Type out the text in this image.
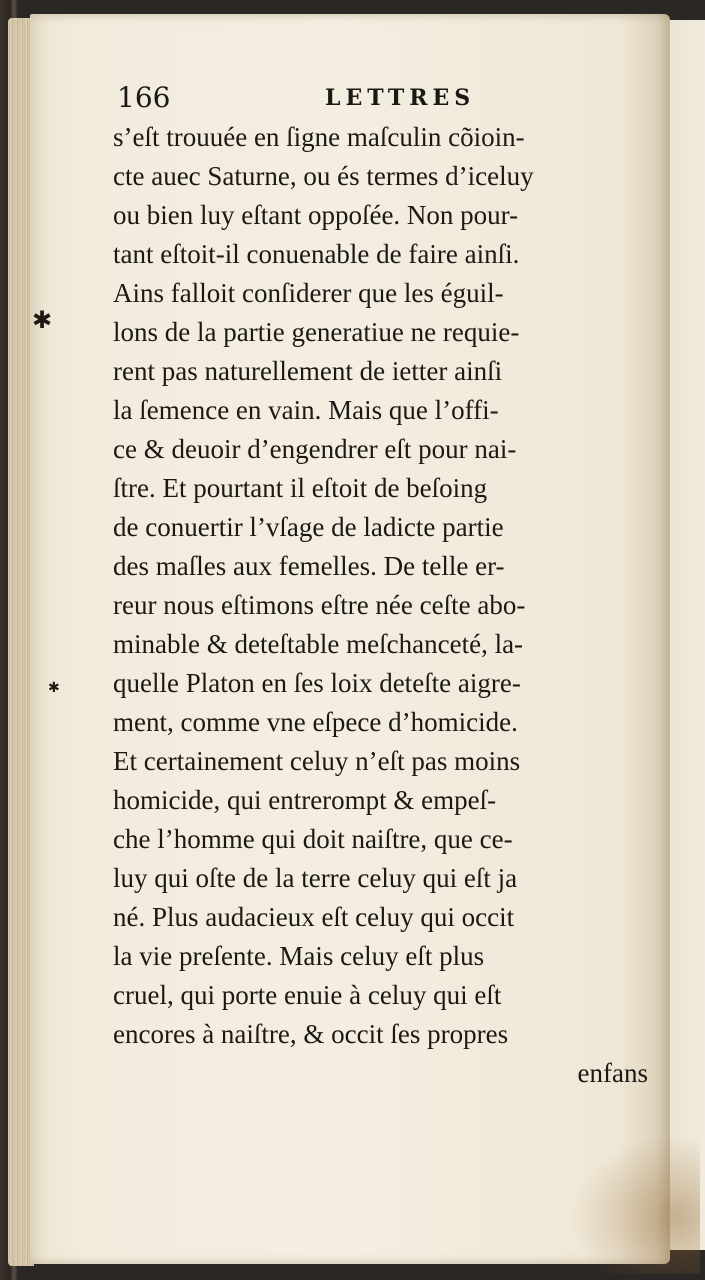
✱
✱
166	LETTRES
s’eſt trouuée en ſigne maſculin cõioin-
cte auec Saturne, ou és termes d’iceluy
ou bien luy eſtant oppoſée. Non pour-
tant eſtoit-il conuenable de faire ainſi.
Ains falloit conſiderer que les éguil-
lons de la partie generatiue ne requie-
rent pas naturellement de ietter ainſi
la ſemence en vain. Mais que l’offi-
ce & deuoir d’engendrer eſt pour nai-
ſtre. Et pourtant il eſtoit de beſoing
de conuertir l’vſage de ladicte partie
des maſles aux femelles. De telle er-
reur nous eſtimons eſtre née ceſte abo-
minable & deteſtable meſchanceté, la-
quelle Platon en ſes loix deteſte aigre-
ment, comme vne eſpece d’homicide.
Et certainement celuy n’eſt pas moins
homicide, qui entrerompt & empeſ-
che l’homme qui doit naiſtre, que ce-
luy qui oſte de la terre celuy qui eſt ja
né. Plus audacieux eſt celuy qui occit
la vie preſente. Mais celuy eſt plus
cruel, qui porte enuie à celuy qui eſt
encores à naiſtre, & occit ſes propres
enfans
